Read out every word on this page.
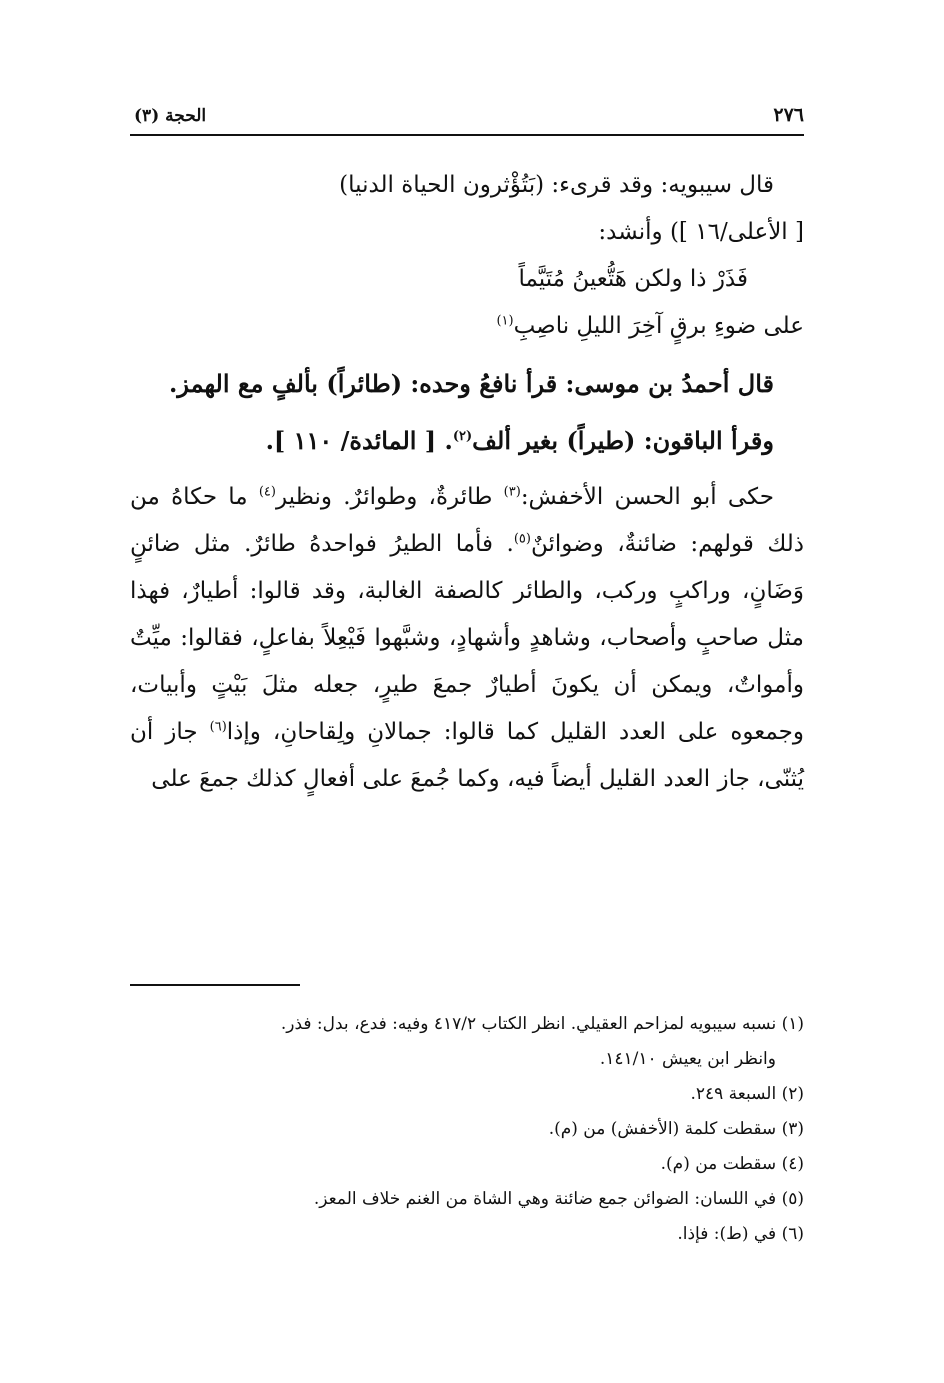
٢٧٦
الحجة (٣)

قال سيبويه: وقد قرىء: (بَتُؤْثرون الحياة الدنيا)

[ الأعلى/١٦ ]) وأنشد:

فَذَرْ ذا ولكن هَتُّعينُ مُتَيَّماً

على ضوءِ برقٍ آخِرَ الليلِ ناصِبِ$^{(١)}$

قال أحمدُ بن موسى: قرأ نافعُ وحده: (طائراً) بألفٍ مع الهمز.

وقرأ الباقون: (طيراً) بغير ألف$^{(٢)}$. [ المائدة/ ١١٠ ].

حكى أبو الحسن الأخفش:$^{(٣)}$ طائرةٌ، وطوائرٌ. ونظير$^{(٤)}$ ما حكاهُ من ذلك قولهم: ضائنةٌ، وضوائنٌ$^{(٥)}$. فأما الطيرُ فواحدهُ طائرٌ. مثل ضائنٍ وَضَانٍ، وراكبٍ وركب، والطائر كالصفة الغالبة، وقد قالوا: أطيارٌ، فهذا مثل صاحبٍ وأصحاب، وشاهدٍ وأشهادٍ، وشبَّهوا فَيْعِلاً بفاعلٍ، فقالوا: ميِّتٌ وأمواتٌ، ويمكن أن يكونَ أطيارٌ جمعَ طيرٍ، جعله مثلَ بَيْتٍ وأبيات، وجمعوه على العدد القليل كما قالوا: جمالانِ ولِقاحانِ، وإذا$^{(٦)}$ جاز أن يُثنّى، جاز العدد القليل أيضاً فيه، وكما جُمعَ على أفعالٍ كذلك جمعَ على

(١) نسبه سيبويه لمزاحم العقيلي. انظر الكتاب ٤١٧/٢ وفيه: فدع، بدل: فذر.

وانظر ابن يعيش ١٤١/١٠.

(٢) السبعة ٢٤٩.

(٣) سقطت كلمة (الأخفش) من (م).

(٤) سقطت من (م).

(٥) في اللسان: الضوائن جمع ضائنة وهي الشاة من الغنم خلاف المعز.

(٦) في (ط): فإذا.
